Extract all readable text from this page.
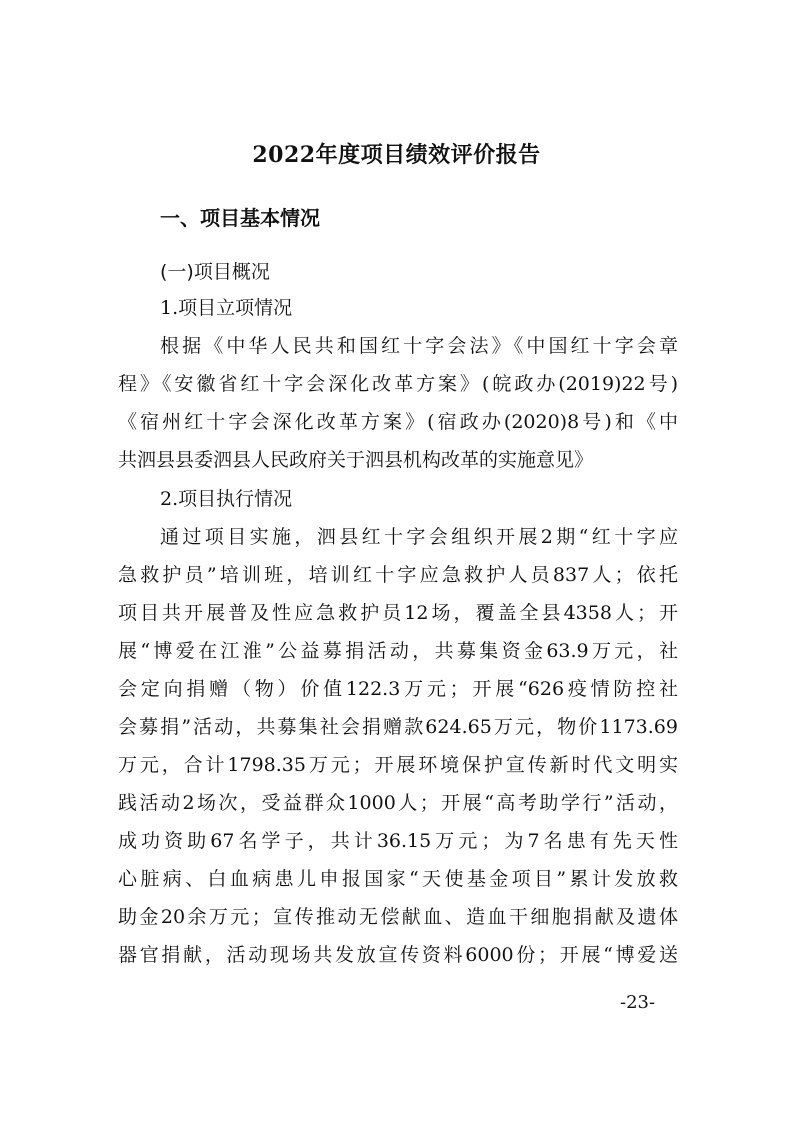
2022年度项目绩效评价报告
一、项目基本情况
(一)项目概况
1.项目立项情况
根据《中华人民共和国红十字会法》《中国红十字会章
程》《安徽省红十字会深化改革方案》(皖政办(2019)22号)
《宿州红十字会深化改革方案》(宿政办(2020)8号)和《中
共泗县县委泗县人民政府关于泗县机构改革的实施意见》
2.项目执行情况
通过项目实施，泗县红十字会组织开展2期“红十字应
急救护员”培训班，培训红十字应急救护人员837人；依托
项目共开展普及性应急救护员12场，覆盖全县4358人；开
展“博爱在江淮”公益募捐活动，共募集资金63.9万元，社
会定向捐赠（物）价值122.3万元；开展“626疫情防控社
会募捐”活动，共募集社会捐赠款624.65万元，物价1173.69
万元，合计1798.35万元；开展环境保护宣传新时代文明实
践活动2场次，受益群众1000人；开展“高考助学行”活动，
成功资助67名学子，共计36.15万元；为7名患有先天性
心脏病、白血病患儿申报国家“天使基金项目”累计发放救
助金20余万元；宣传推动无偿献血、造血干细胞捐献及遗体
器官捐献，活动现场共发放宣传资料6000份；开展“博爱送
-23-
